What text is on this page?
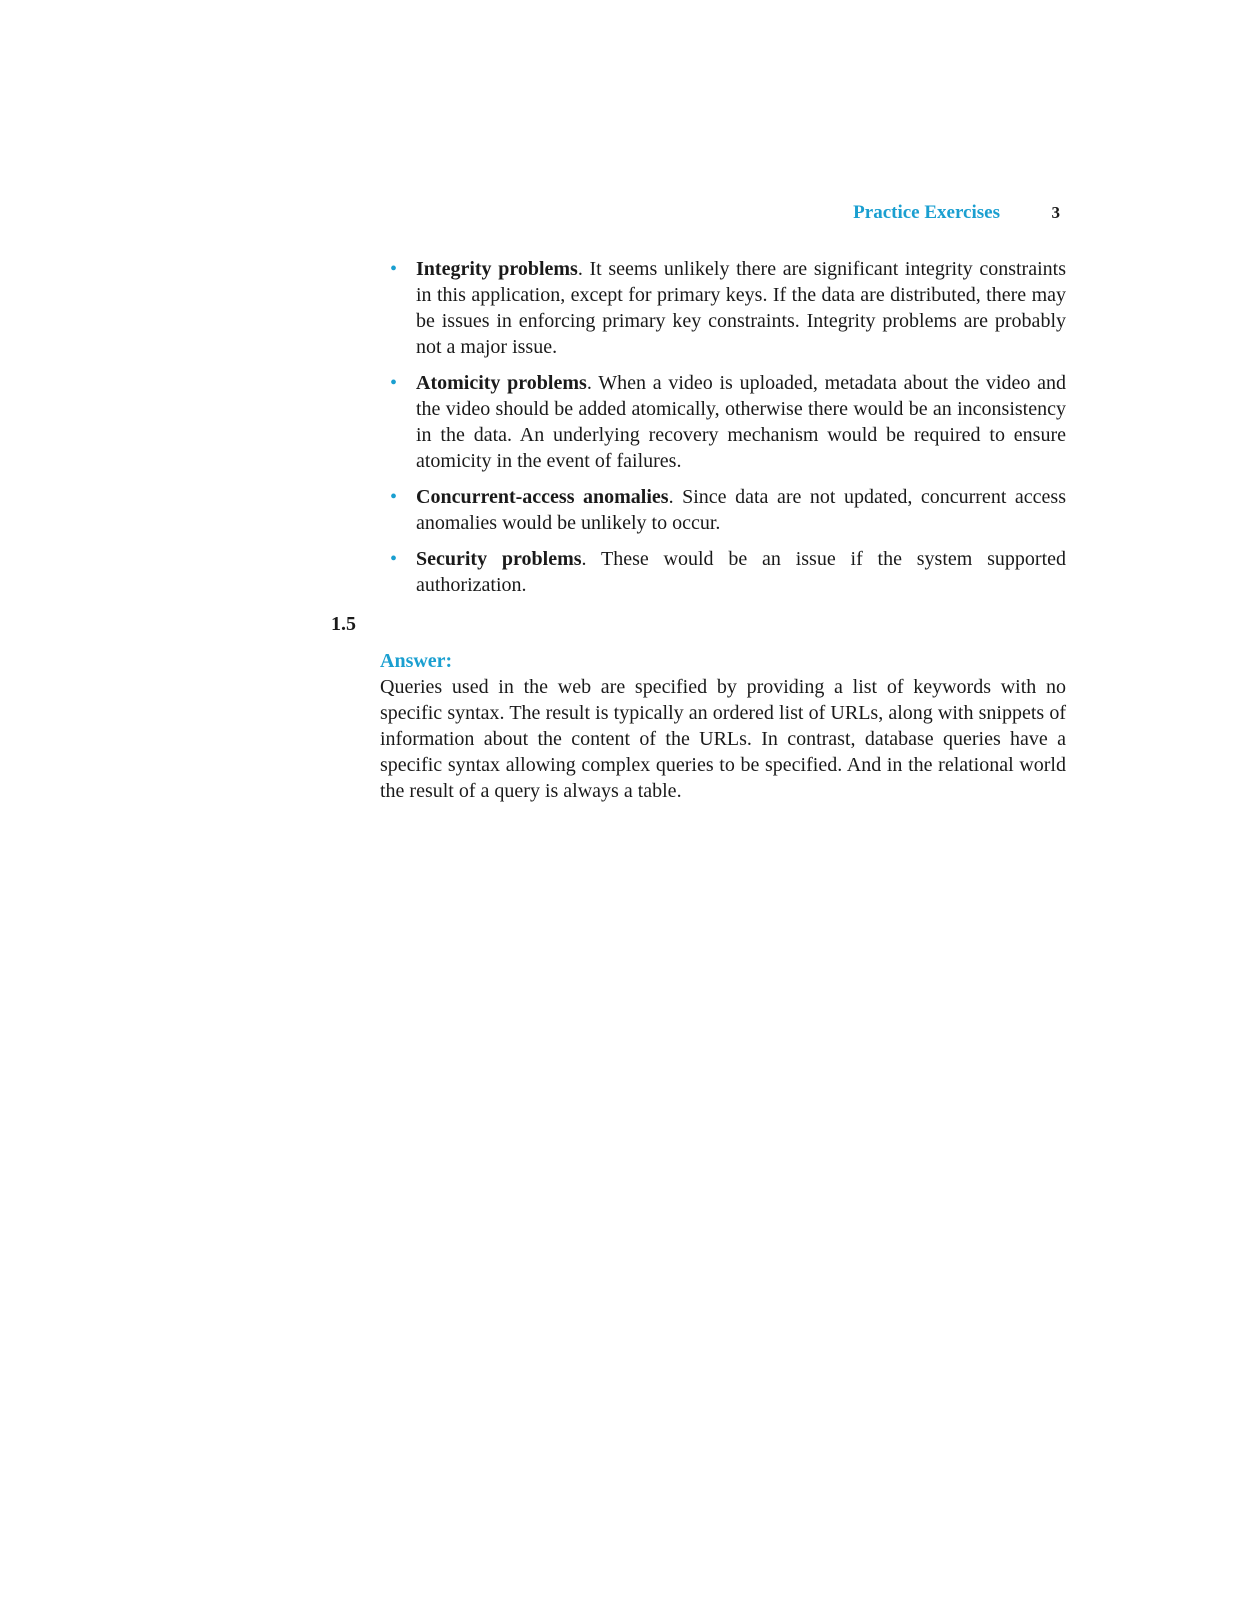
Practice Exercises	3
• Integrity problems. It seems unlikely there are significant integrity constraints in this application, except for primary keys. If the data are distributed, there may be issues in enforcing primary key constraints. Integrity problems are probably not a major issue.
• Atomicity problems. When a video is uploaded, metadata about the video and the video should be added atomically, otherwise there would be an inconsistency in the data. An underlying recovery mechanism would be required to ensure atomicity in the event of failures.
• Concurrent-access anomalies. Since data are not updated, concurrent access anomalies would be unlikely to occur.
• Security problems. These would be an issue if the system supported authorization.
1.5
Answer:
Queries used in the web are specified by providing a list of keywords with no specific syntax. The result is typically an ordered list of URLs, along with snippets of information about the content of the URLs. In contrast, database queries have a specific syntax allowing complex queries to be specified. And in the relational world the result of a query is always a table.
